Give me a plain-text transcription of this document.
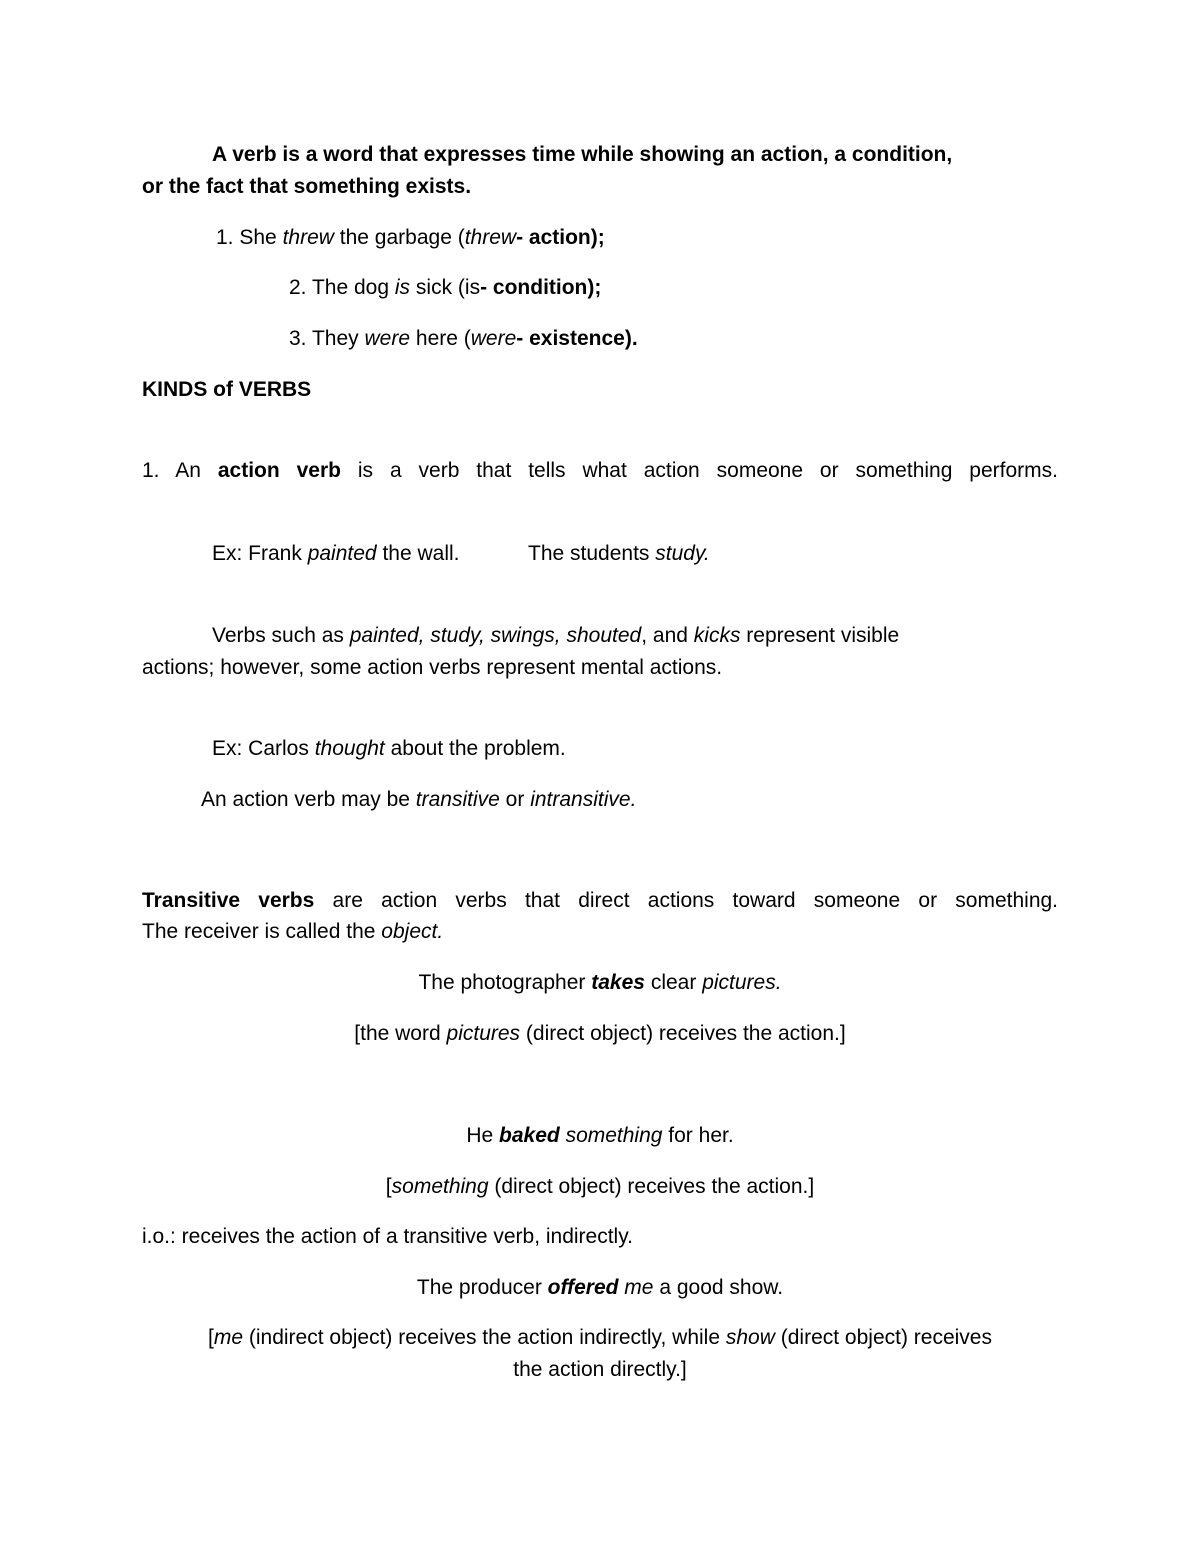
A verb is a word that expresses time while showing an action, a condition,

or the fact that something exists.

1. She threw the garbage (threw- action);

2. The dog is sick (is- condition);

3. They were here (were- existence).

KINDS of VERBS

1. An action verb is a verb that tells what action someone or something performs.

Ex: Frank painted the wall.	The students study.

Verbs such as painted, study, swings, shouted, and kicks represent visible

actions; however, some action verbs represent mental actions.

Ex: Carlos thought about the problem.

An action verb may be transitive or intransitive.

Transitive verbs are action verbs that direct actions toward someone or something.

The receiver is called the object.

The photographer takes clear pictures.

[the word pictures (direct object) receives the action.]

He baked something for her.

[something (direct object) receives the action.]

i.o.: receives the action of a transitive verb, indirectly.

The producer offered me a good show.

[me (indirect object) receives the action indirectly, while show (direct object) receives

the action directly.]
